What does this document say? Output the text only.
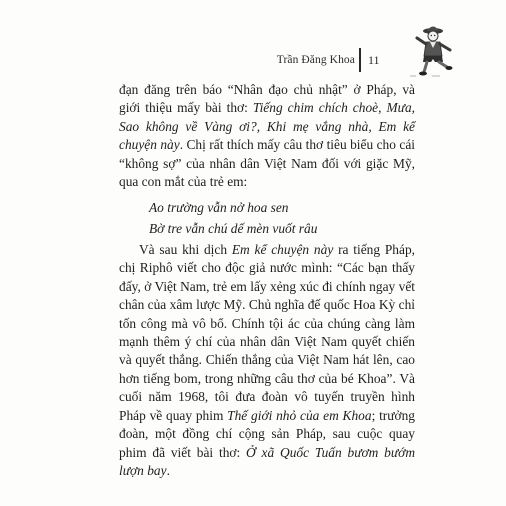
Trần Đăng Khoa 11

đạn đăng trên báo “Nhân đạo chủ nhật” ở Pháp, và giới thiệu mấy bài thơ: Tiếng chim chích choè, Mưa, Sao không về Vàng ơi?, Khi mẹ vắng nhà, Em kể chuyện này. Chị rất thích mấy câu thơ tiêu biểu cho cái “không sợ” của nhân dân Việt Nam đối với giặc Mỹ, qua con mắt của trẻ em:

Ao trường vẫn nở hoa sen
Bờ tre vẫn chú dế mèn vuốt râu

Và sau khi dịch Em kể chuyện này ra tiếng Pháp, chị Riphô viết cho độc giả nước mình: “Các bạn thấy đấy, ở Việt Nam, trẻ em lấy xẻng xúc đi chính ngay vết chân của xâm lược Mỹ. Chủ nghĩa đế quốc Hoa Kỳ chỉ tốn công mà vô bổ. Chính tội ác của chúng càng làm mạnh thêm ý chí của nhân dân Việt Nam quyết chiến và quyết thắng. Chiến thắng của Việt Nam hát lên, cao hơn tiếng bom, trong những câu thơ của bé Khoa”. Và cuối năm 1968, tôi đưa đoàn vô tuyến truyền hình Pháp về quay phim Thế giới nhỏ của em Khoa; trưởng đoàn, một đồng chí cộng sản Pháp, sau cuộc quay phim đã viết bài thơ: Ở xã Quốc Tuấn bươm bướm lượn bay.
